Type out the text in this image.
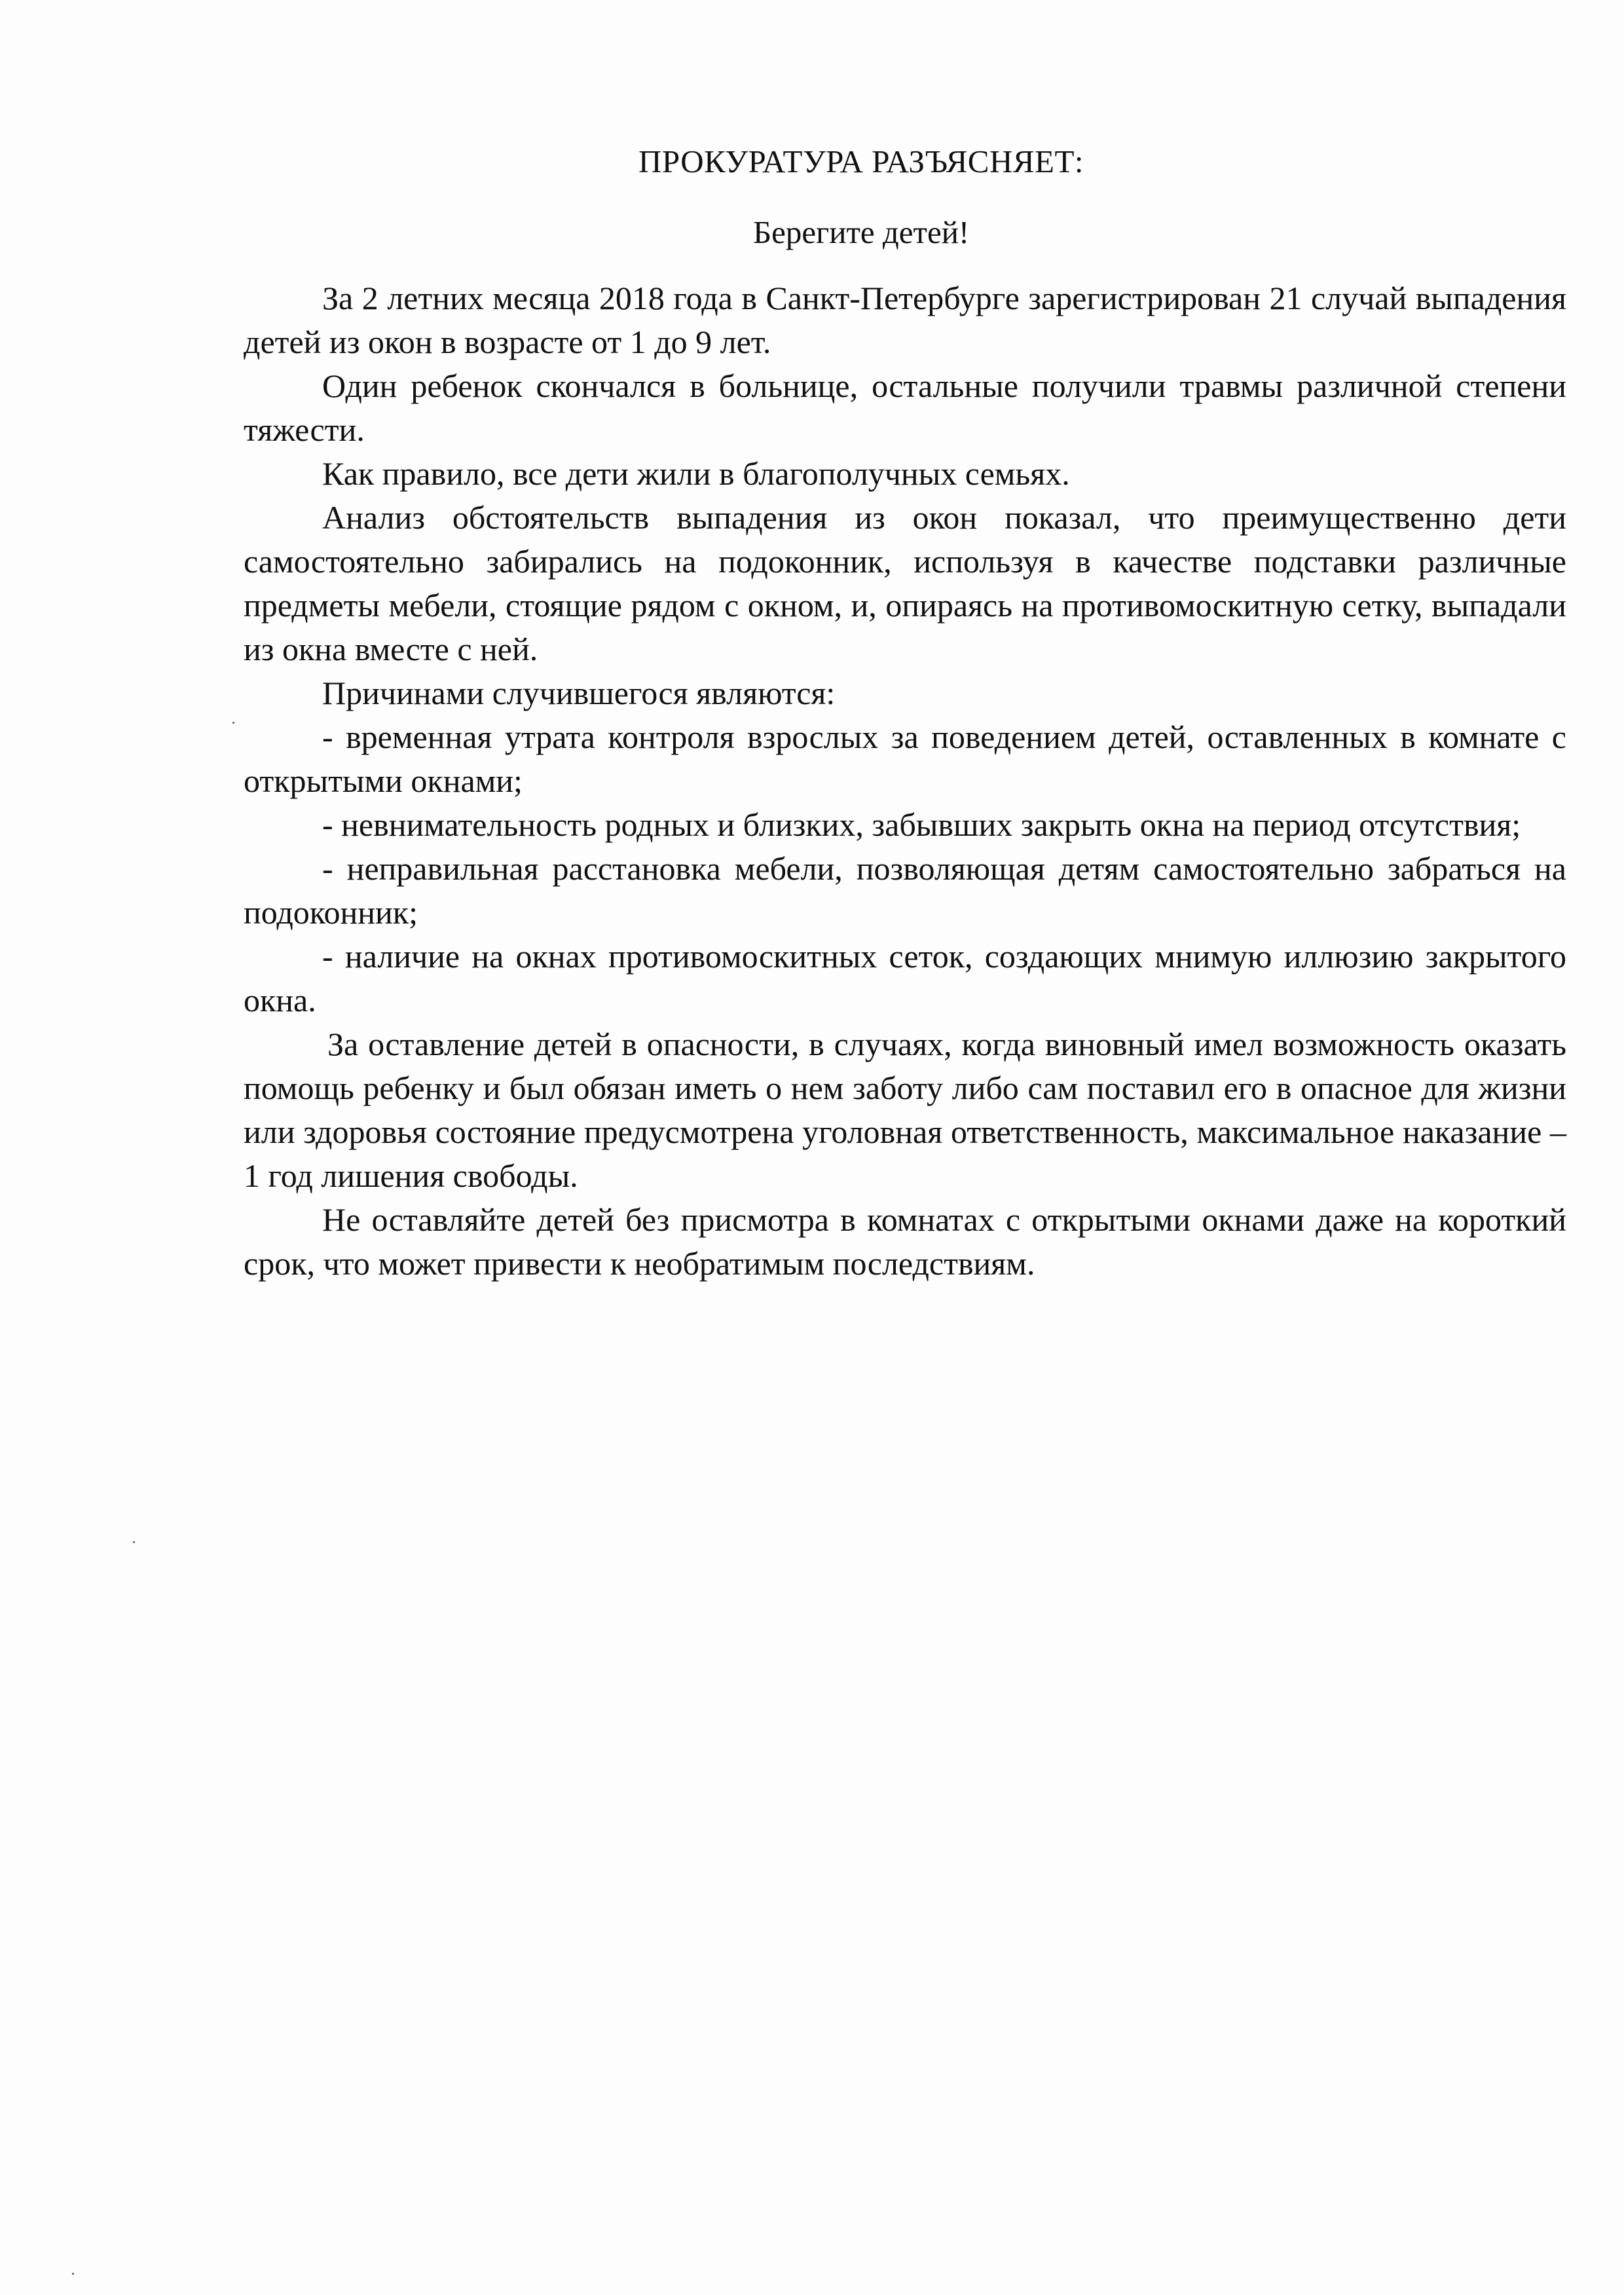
ПРОКУРАТУРА РАЗЪЯСНЯЕТ:
Берегите детей!

За 2 летних месяца 2018 года в Санкт-Петербурге зарегистрирован 21 случай выпадения детей из окон в возрасте от 1 до 9 лет.

Один ребенок скончался в больнице, остальные получили травмы различной степени тяжести.

Как правило, все дети жили в благополучных семьях.

Анализ обстоятельств выпадения из окон показал, что преимущественно дети самостоятельно забирались на подоконник, используя в качестве подставки различные предметы мебели, стоящие рядом с окном, и, опираясь на противомоскитную сетку, выпадали из окна вместе с ней.

Причинами случившегося являются:

- временная утрата контроля взрослых за поведением детей, оставленных в комнате с открытыми окнами;

- невнимательность родных и близких, забывших закрыть окна на период отсутствия;

- неправильная расстановка мебели, позволяющая детям самостоятельно забраться на подоконник;

- наличие на окнах противомоскитных сеток, создающих мнимую иллюзию закрытого окна.

За оставление детей в опасности, в случаях, когда виновный имел возможность оказать помощь ребенку и был обязан иметь о нем заботу либо сам поставил его в опасное для жизни или здоровья состояние предусмотрена уголовная ответственность, максимальное наказание – 1 год лишения свободы.

Не оставляйте детей без присмотра в комнатах с открытыми окнами даже на короткий срок, что может привести к необратимым последствиям.
